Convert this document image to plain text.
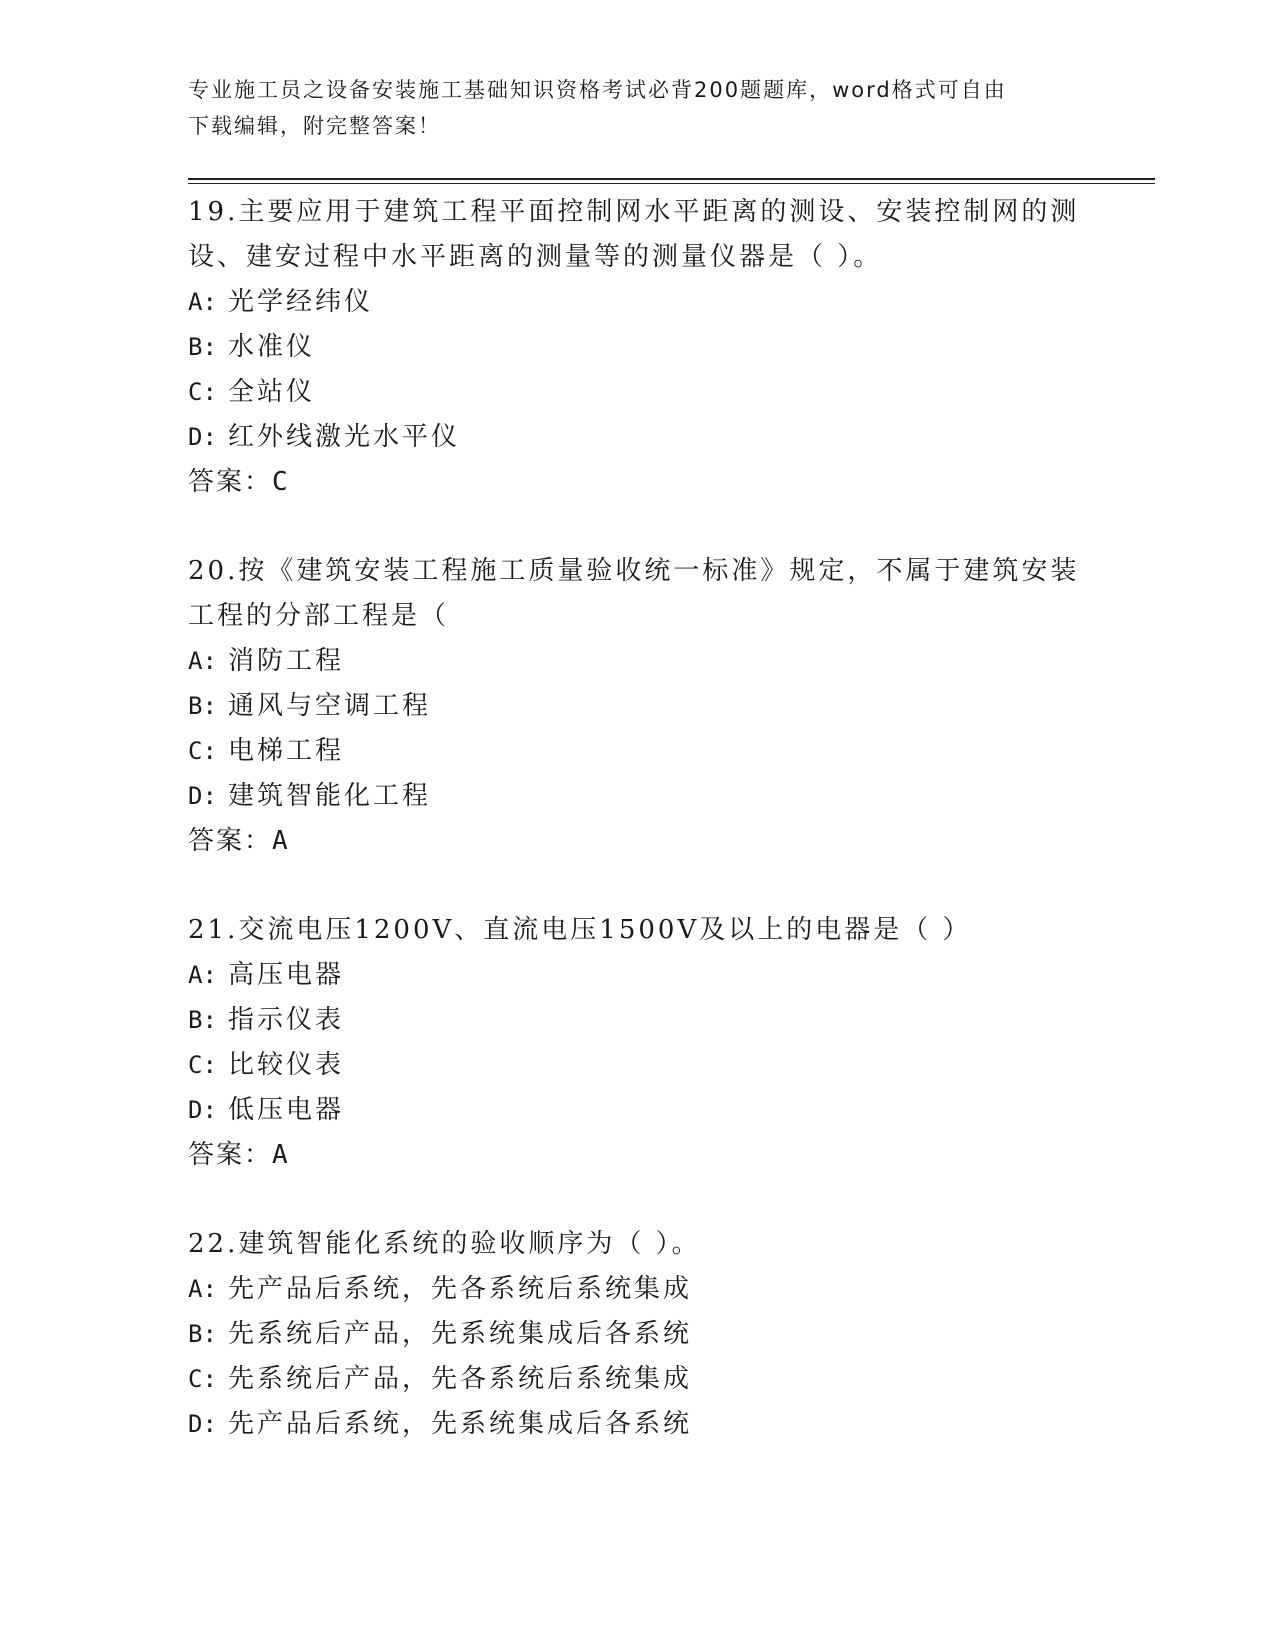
专业施工员之设备安装施工基础知识资格考试必背200题题库，word格式可自由
下载编辑，附完整答案！

19.主要应用于建筑工程平面控制网水平距离的测设、安装控制网的测设、建安过程中水平距离的测量等的测量仪器是（ ）。

A: 光学经纬仪

B: 水准仪

C: 全站仪

D: 红外线激光水平仪

答案：C

20.按《建筑安装工程施工质量验收统一标准》规定，不属于建筑安装工程的分部工程是（

A: 消防工程

B: 通风与空调工程

C: 电梯工程

D: 建筑智能化工程

答案：A

21.交流电压1200V、直流电压1500V及以上的电器是（ ）

A: 高压电器

B: 指示仪表

C: 比较仪表

D: 低压电器

答案：A

22.建筑智能化系统的验收顺序为（ ）。

A: 先产品后系统，先各系统后系统集成

B: 先系统后产品，先系统集成后各系统

C: 先系统后产品，先各系统后系统集成

D: 先产品后系统，先系统集成后各系统
